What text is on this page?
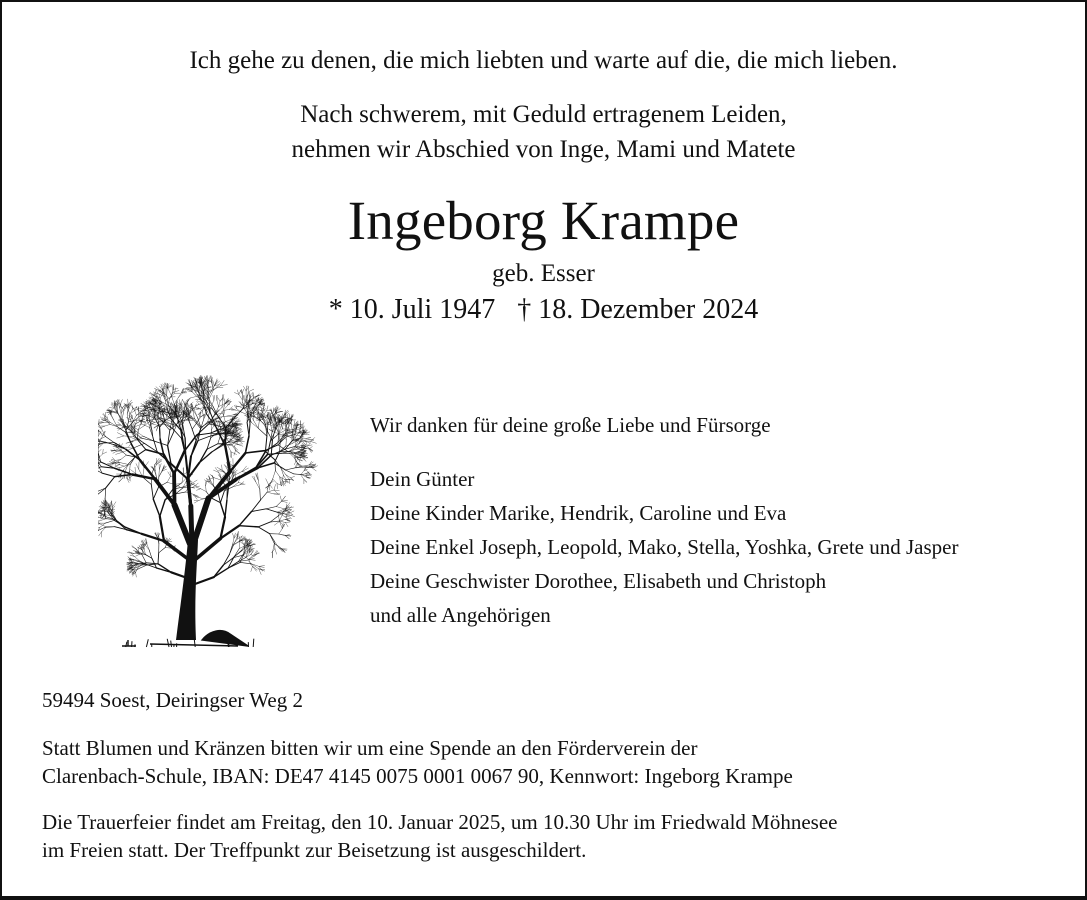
Ich gehe zu denen, die mich liebten und warte auf die, die mich lieben.
Nach schwerem, mit Geduld ertragenem Leiden,
nehmen wir Abschied von Inge, Mami und Matete
Ingeborg Krampe
geb. Esser
* 10. Juli 1947 † 18. Dezember 2024
Wir danken für deine große Liebe und Fürsorge
Dein Günter
Deine Kinder Marike, Hendrik, Caroline und Eva
Deine Enkel Joseph, Leopold, Mako, Stella, Yoshka, Grete und Jasper
Deine Geschwister Dorothee, Elisabeth und Christoph
und alle Angehörigen
59494 Soest, Deiringser Weg 2
Statt Blumen und Kränzen bitten wir um eine Spende an den Förderverein der
Clarenbach-Schule, IBAN: DE47 4145 0075 0001 0067 90, Kennwort: Ingeborg Krampe
Die Trauerfeier findet am Freitag, den 10. Januar 2025, um 10.30 Uhr im Friedwald Möhnesee
im Freien statt. Der Treffpunkt zur Beisetzung ist ausgeschildert.
